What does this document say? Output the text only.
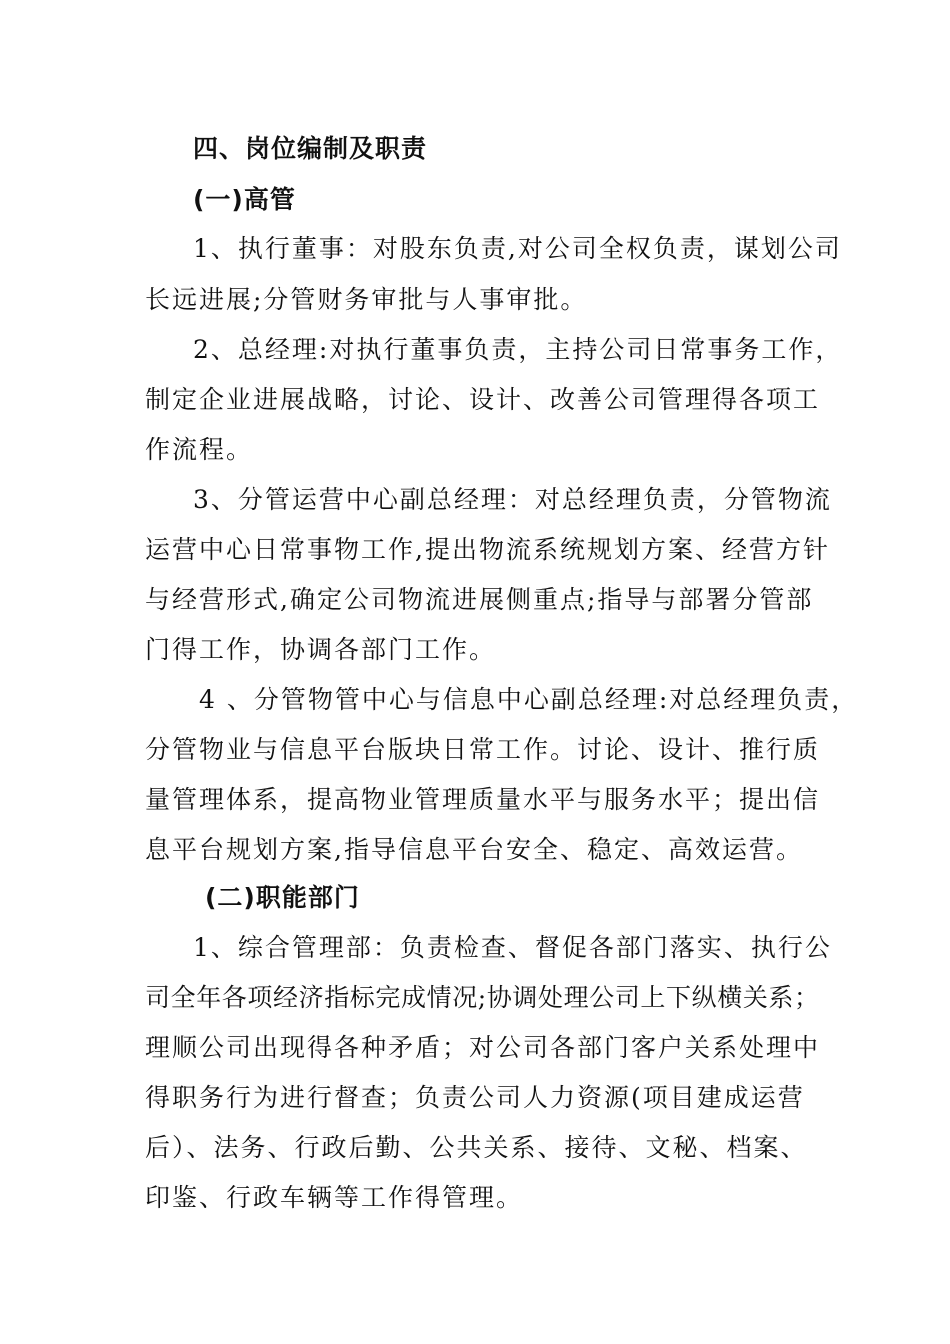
四、岗位编制及职责
(一)高管
1、执行董事：对股东负责,对公司全权负责，谋划公司
长远进展;分管财务审批与人事审批。
2、总经理:对执行董事负责，主持公司日常事务工作，
制定企业进展战略，讨论、设计、改善公司管理得各项工
作流程。
3、分管运营中心副总经理：对总经理负责，分管物流
运营中心日常事物工作,提出物流系统规划方案、经营方针
与经营形式,确定公司物流进展侧重点;指导与部署分管部
门得工作，协调各部门工作。
4 、分管物管中心与信息中心副总经理:对总经理负责，
分管物业与信息平台版块日常工作。讨论、设计、推行质
量管理体系，提高物业管理质量水平与服务水平；提出信
息平台规划方案,指导信息平台安全、稳定、高效运营。
(二)职能部门
1、综合管理部：负责检查、督促各部门落实、执行公
司全年各项经济指标完成情况;协调处理公司上下纵横关系；
理顺公司出现得各种矛盾；对公司各部门客户关系处理中
得职务行为进行督查；负责公司人力资源(项目建成运营
后）、法务、行政后勤、公共关系、接待、文秘、档案、
印鉴、行政车辆等工作得管理。
